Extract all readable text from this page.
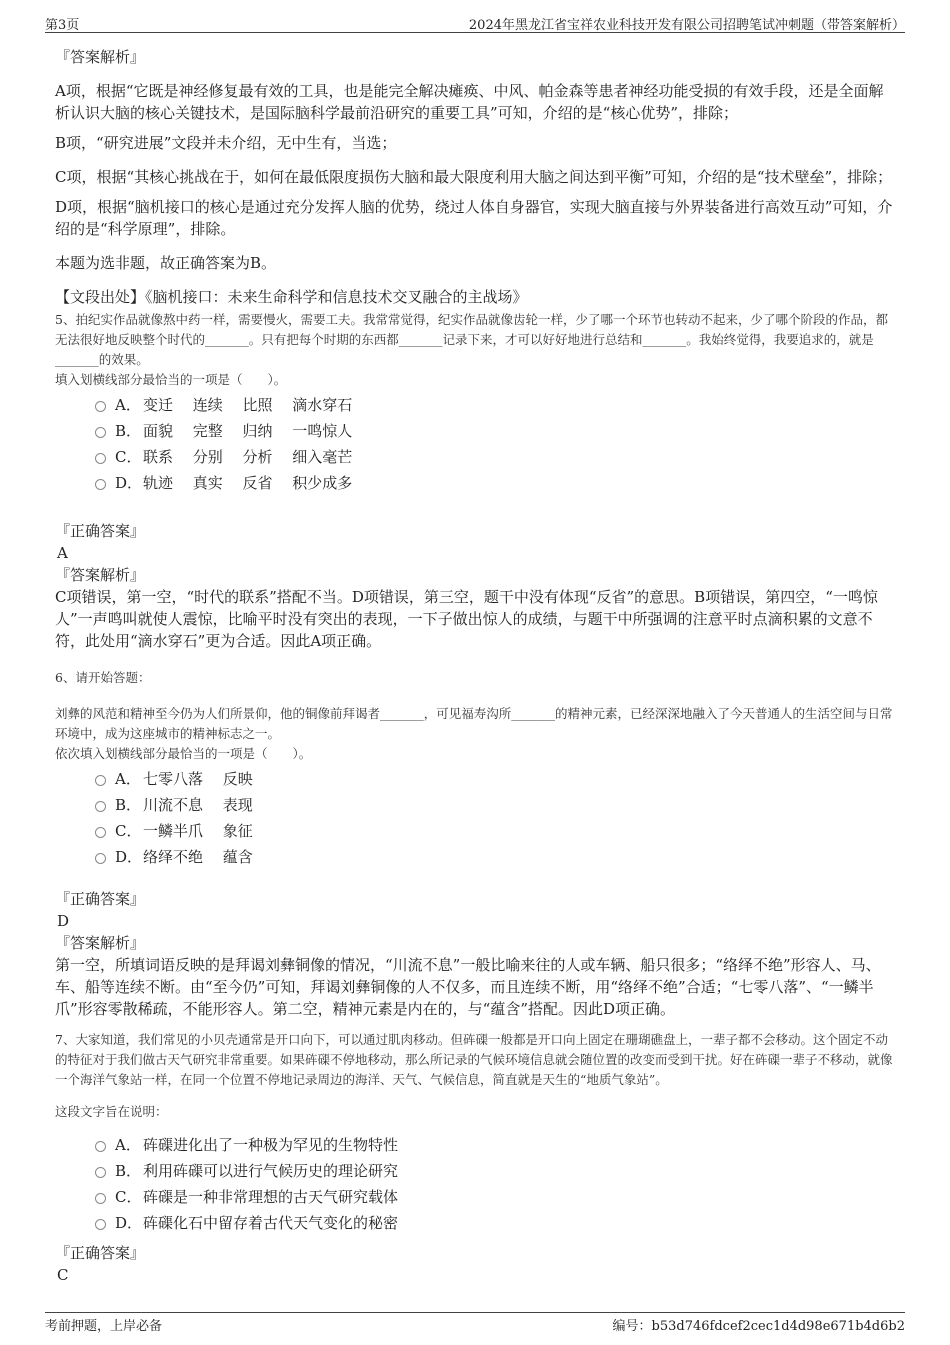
第3页	2024年黑龙江省宝祥农业科技开发有限公司招聘笔试冲刺题（带答案解析）
『答案解析』

A项，根据“它既是神经修复最有效的工具，也是能完全解决瘫痪、中风、帕金森等患者神经功能受损的有效手段，还是全面解析认识大脑的核心关键技术，是国际脑科学最前沿研究的重要工具”可知，介绍的是“核心优势”，排除；

B项，“研究进展”文段并未介绍，无中生有，当选；

C项，根据“其核心挑战在于，如何在最低限度损伤大脑和最大限度利用大脑之间达到平衡”可知，介绍的是“技术壁垒”，排除；

D项，根据“脑机接口的核心是通过充分发挥人脑的优势，绕过人体自身器官，实现大脑直接与外界装备进行高效互动”可知，介绍的是“科学原理”，排除。

本题为选非题，故正确答案为B。

【文段出处】《脑机接口：未来生命科学和信息技术交叉融合的主战场》

5、拍纪实作品就像熬中药一样，需要慢火，需要工夫。我常常觉得，纪实作品就像齿轮一样，少了哪一个环节也转动不起来，少了哪个阶段的作品，都无法很好地反映整个时代的_______。只有把每个时期的东西都_______记录下来，才可以好好地进行总结和_______。我始终觉得，我要追求的，就是_______的效果。

填入划横线部分最恰当的一项是（　　）。

A． 变迁　 连续　 比照　 滴水穿石
B． 面貌　 完整　 归纳　 一鸣惊人
C． 联系　 分别　 分析　 细入毫芒
D．轨迹　 真实　 反省　 积少成多
『正确答案』
A
『答案解析』

C项错误，第一空，“时代的联系”搭配不当。D项错误，第三空，题干中没有体现“反省”的意思。B项错误，第四空，“一鸣惊人”一声鸣叫就使人震惊，比喻平时没有突出的表现，一下子做出惊人的成绩，与题干中所强调的注意平时点滴积累的文意不符，此处用“滴水穿石”更为合适。因此A项正确。

6、请开始答题：

刘彝的风范和精神至今仍为人们所景仰，他的铜像前拜谒者_______，可见福寿沟所_______的精神元素，已经深深地融入了今天普通人的生活空间与日常环境中，成为这座城市的精神标志之一。

依次填入划横线部分最恰当的一项是（　　）。

A． 七零八落　 反映
B． 川流不息　 表现
C． 一鳞半爪　 象征
D．络绎不绝　 蕴含
『正确答案』
D
『答案解析』

第一空，所填词语反映的是拜谒刘彝铜像的情况，“川流不息”一般比喻来往的人或车辆、船只很多；“络绎不绝”形容人、马、车、船等连续不断。由“至今仍”可知，拜谒刘彝铜像的人不仅多，而且连续不断，用“络绎不绝”合适；“七零八落”、“一鳞半爪”形容零散稀疏，不能形容人。第二空，精神元素是内在的，与“蕴含”搭配。因此D项正确。

7、大家知道，我们常见的小贝壳通常是开口向下，可以通过肌肉移动。但砗磲一般都是开口向上固定在珊瑚礁盘上，一辈子都不会移动。这个固定不动的特征对于我们做古天气研究非常重要。如果砗磲不停地移动，那么所记录的气候环境信息就会随位置的改变而受到干扰。好在砗磲一辈子不移动，就像一个海洋气象站一样，在同一个位置不停地记录周边的海洋、天气、气候信息，简直就是天生的“地质气象站”。

这段文字旨在说明：

A． 砗磲进化出了一种极为罕见的生物特性
B． 利用砗磲可以进行气候历史的理论研究
C． 砗磲是一种非常理想的古天气研究载体
D．砗磲化石中留存着古代天气变化的秘密
『正确答案』
C
考前押题，上岸必备	编号：b53d746fdcef2cec1d4d98e671b4d6b2
